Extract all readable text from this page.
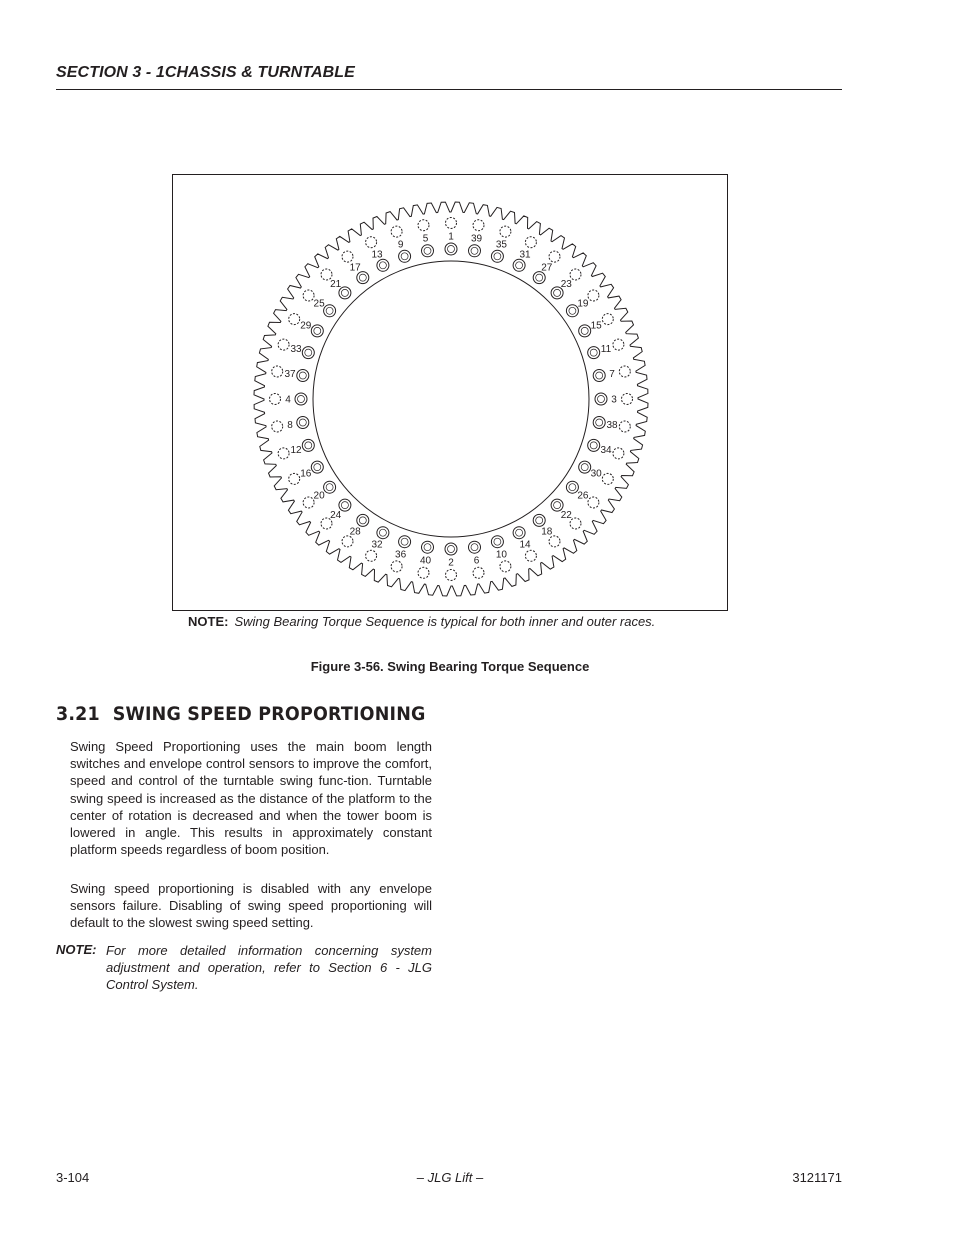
SECTION 3 - 1CHASSIS & TURNTABLE
1 39
35
31
27
23
19
15
11
7
3
38
34
30
26
22
18
14
10
6
2
40
36
32
28
24
20
16
12
8
4
37
33
29
25
21
17
13
9
5
NOTE: Swing Bearing Torque Sequence is typical for both inner and outer races.
Figure 3-56. Swing Bearing Torque Sequence
3.21 SWING SPEED PROPORTIONING

Swing Speed Proportioning uses the main boom length switches and envelope control sensors to improve the comfort, speed and control of the turntable swing func-tion. Turntable swing speed is increased as the distance of the platform to the center of rotation is decreased and when the tower boom is lowered in angle. This results in approximately constant platform speeds regardless of boom position.

Swing speed proportioning is disabled with any envelope sensors failure. Disabling of swing speed proportioning will default to the slowest swing speed setting.

NOTE: For more detailed information concerning system adjustment and operation, refer to Section 6 - JLG Control System.

3-104	– JLG Lift –	3121171
